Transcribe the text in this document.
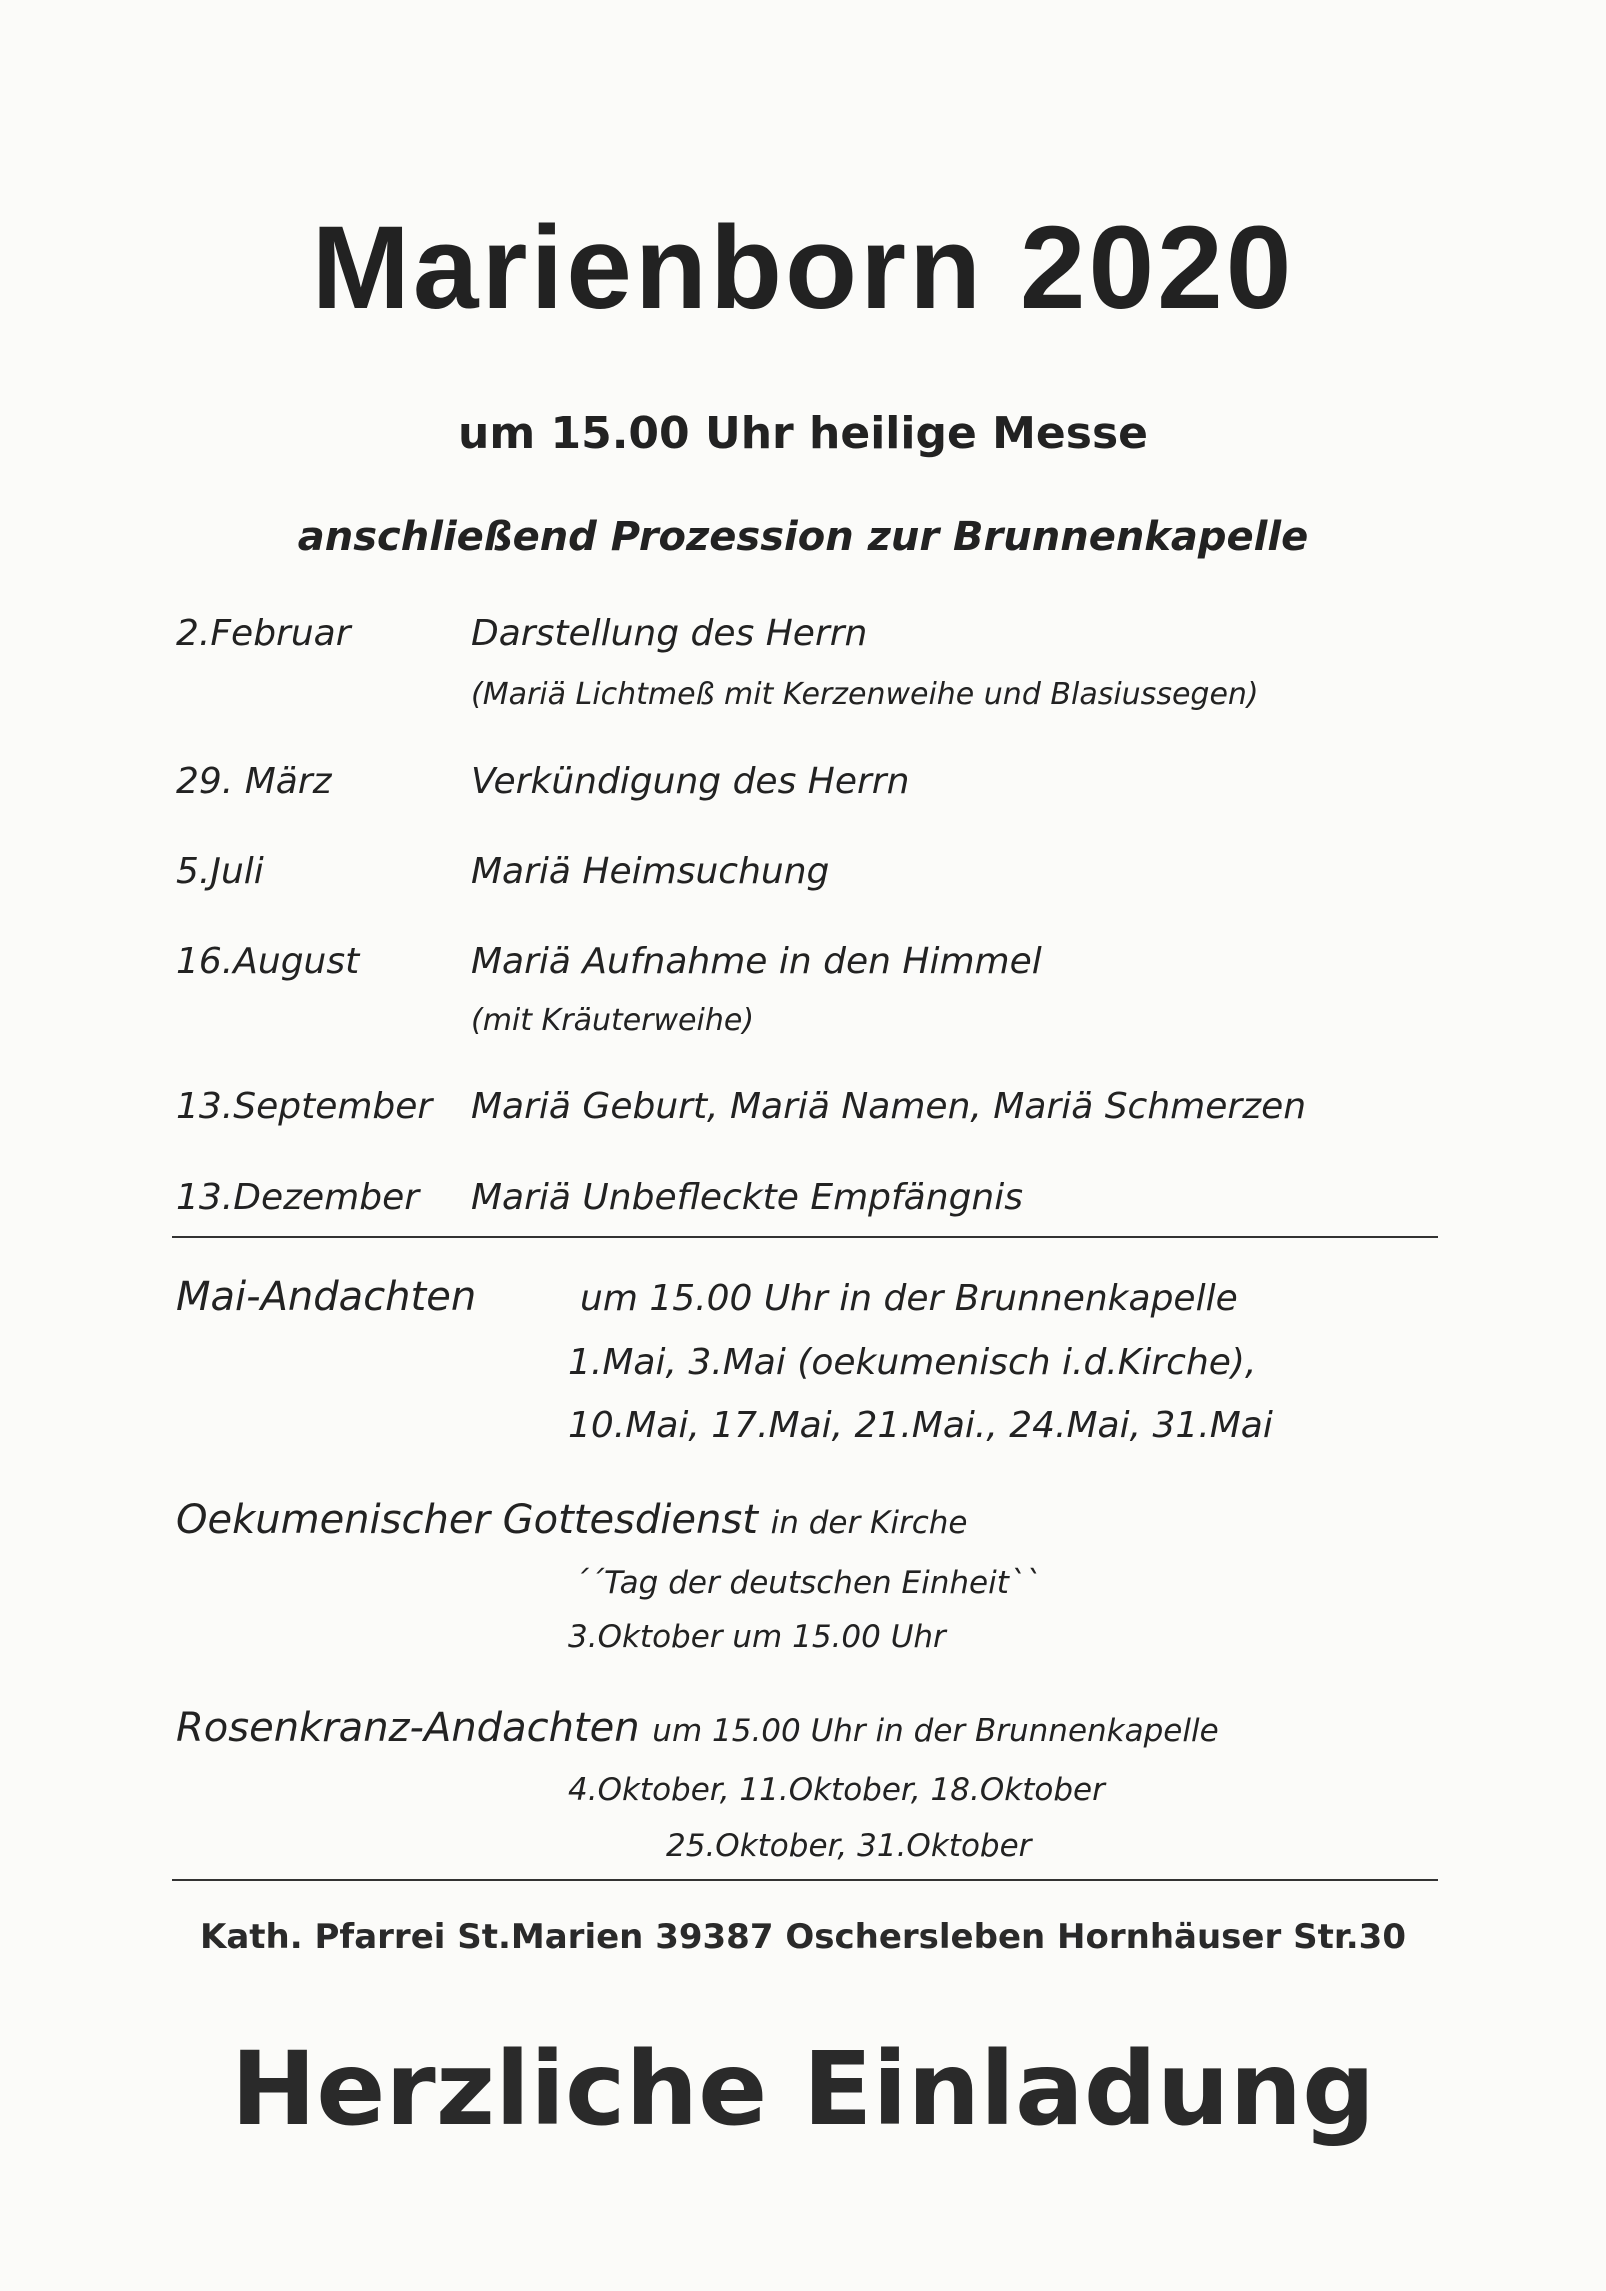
Marienborn 2020
um 15.00 Uhr heilige Messe
anschließend Prozession zur Brunnenkapelle
2.Februar	Darstellung des Herrn
(Mariä Lichtmeß mit Kerzenweihe und Blasiussegen)
29. März	Verkündigung des Herrn
5.Juli	Mariä Heimsuchung
16.August	Mariä Aufnahme in den Himmel
(mit Kräuterweihe)
13.September Mariä Geburt, Mariä Namen, Mariä Schmerzen
13.Dezember Mariä Unbefleckte Empfängnis
Mai-Andachten	um 15.00 Uhr in der Brunnenkapelle
1.Mai, 3.Mai (oekumenisch i.d.Kirche),
10.Mai, 17.Mai, 21.Mai., 24.Mai, 31.Mai
Oekumenischer Gottesdienst in der Kirche
´´Tag der deutschen Einheit``
3.Oktober um 15.00 Uhr
Rosenkranz-Andachten um 15.00 Uhr in der Brunnenkapelle
4.Oktober, 11.Oktober, 18.Oktober
25.Oktober, 31.Oktober
Kath. Pfarrei St.Marien 39387 Oschersleben Hornhäuser Str.30
Herzliche Einladung
